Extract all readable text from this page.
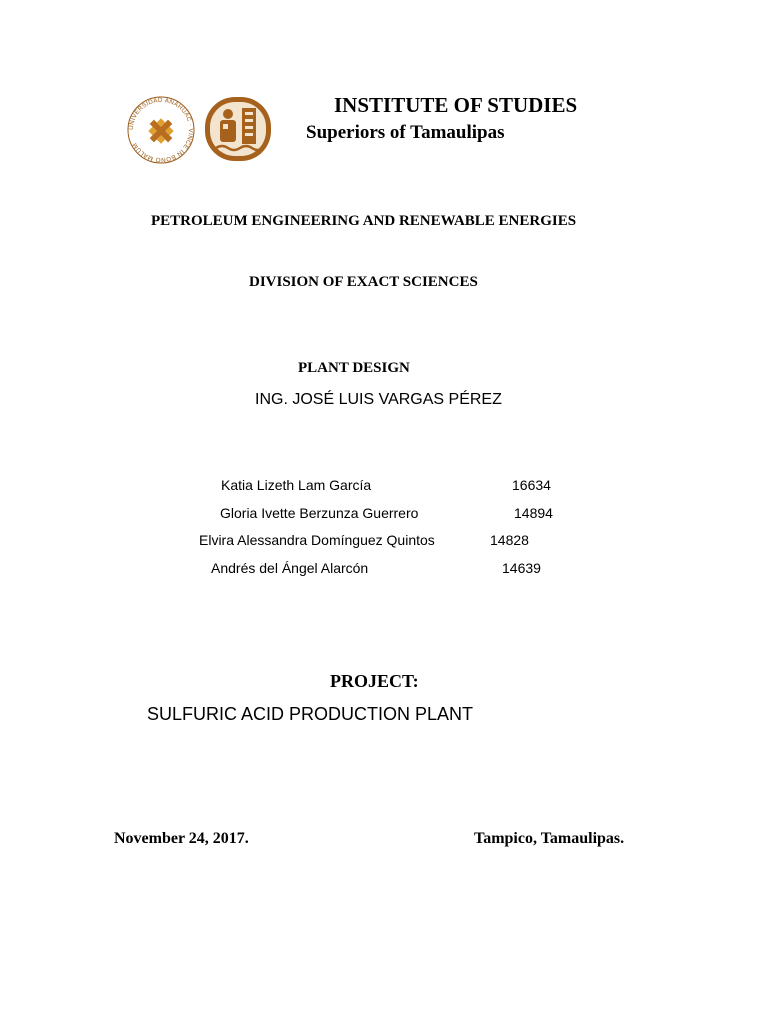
UNIVERSIDAD ANÁHUAC · VINCE IN BONO MALUM
INSTITUTE OF STUDIES
Superiors of Tamaulipas
PETROLEUM ENGINEERING AND RENEWABLE ENERGIES
DIVISION OF EXACT SCIENCES
PLANT DESIGN
ING. JOSÉ LUIS VARGAS PÉREZ
Katia Lizeth Lam García	16634
Gloria Ivette Berzunza Guerrero	14894
Elvira Alessandra Domínguez Quintos	14828
Andrés del Ángel Alarcón	14639
PROJECT:
SULFURIC ACID PRODUCTION PLANT
November 24, 2017.	Tampico, Tamaulipas.
